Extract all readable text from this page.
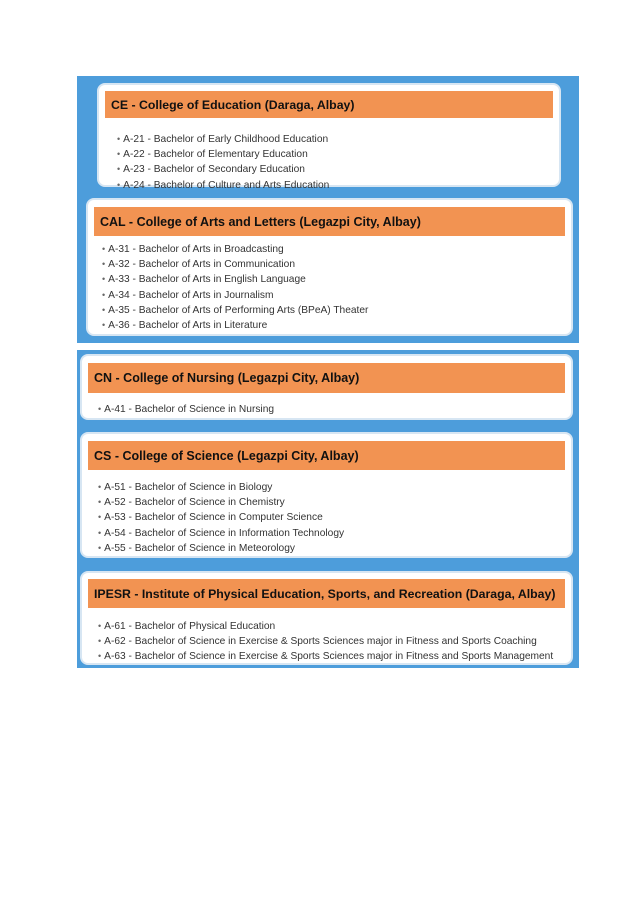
CE - College of Education (Daraga, Albay)
• A-21 - Bachelor of Early Childhood Education
• A-22 - Bachelor of Elementary Education
• A-23 - Bachelor of Secondary Education
• A-24 - Bachelor of Culture and Arts Education
CAL - College of Arts and Letters (Legazpi City, Albay)
• A-31 - Bachelor of Arts in Broadcasting
• A-32 - Bachelor of Arts in Communication
• A-33 - Bachelor of Arts in English Language
• A-34 - Bachelor of Arts in Journalism
• A-35 - Bachelor of Arts of Performing Arts (BPeA) Theater
• A-36 - Bachelor of Arts in Literature
CN - College of Nursing (Legazpi City, Albay)
• A-41 - Bachelor of Science in Nursing
CS - College of Science (Legazpi City, Albay)
• A-51 - Bachelor of Science in Biology
• A-52 - Bachelor of Science in Chemistry
• A-53 - Bachelor of Science in Computer Science
• A-54 - Bachelor of Science in Information Technology
• A-55 - Bachelor of Science in Meteorology
IPESR - Institute of Physical Education, Sports, and Recreation (Daraga, Albay)
• A-61 - Bachelor of Physical Education
• A-62 - Bachelor of Science in Exercise & Sports Sciences major in Fitness and Sports Coaching
• A-63 - Bachelor of Science in Exercise & Sports Sciences major in Fitness and Sports Management
